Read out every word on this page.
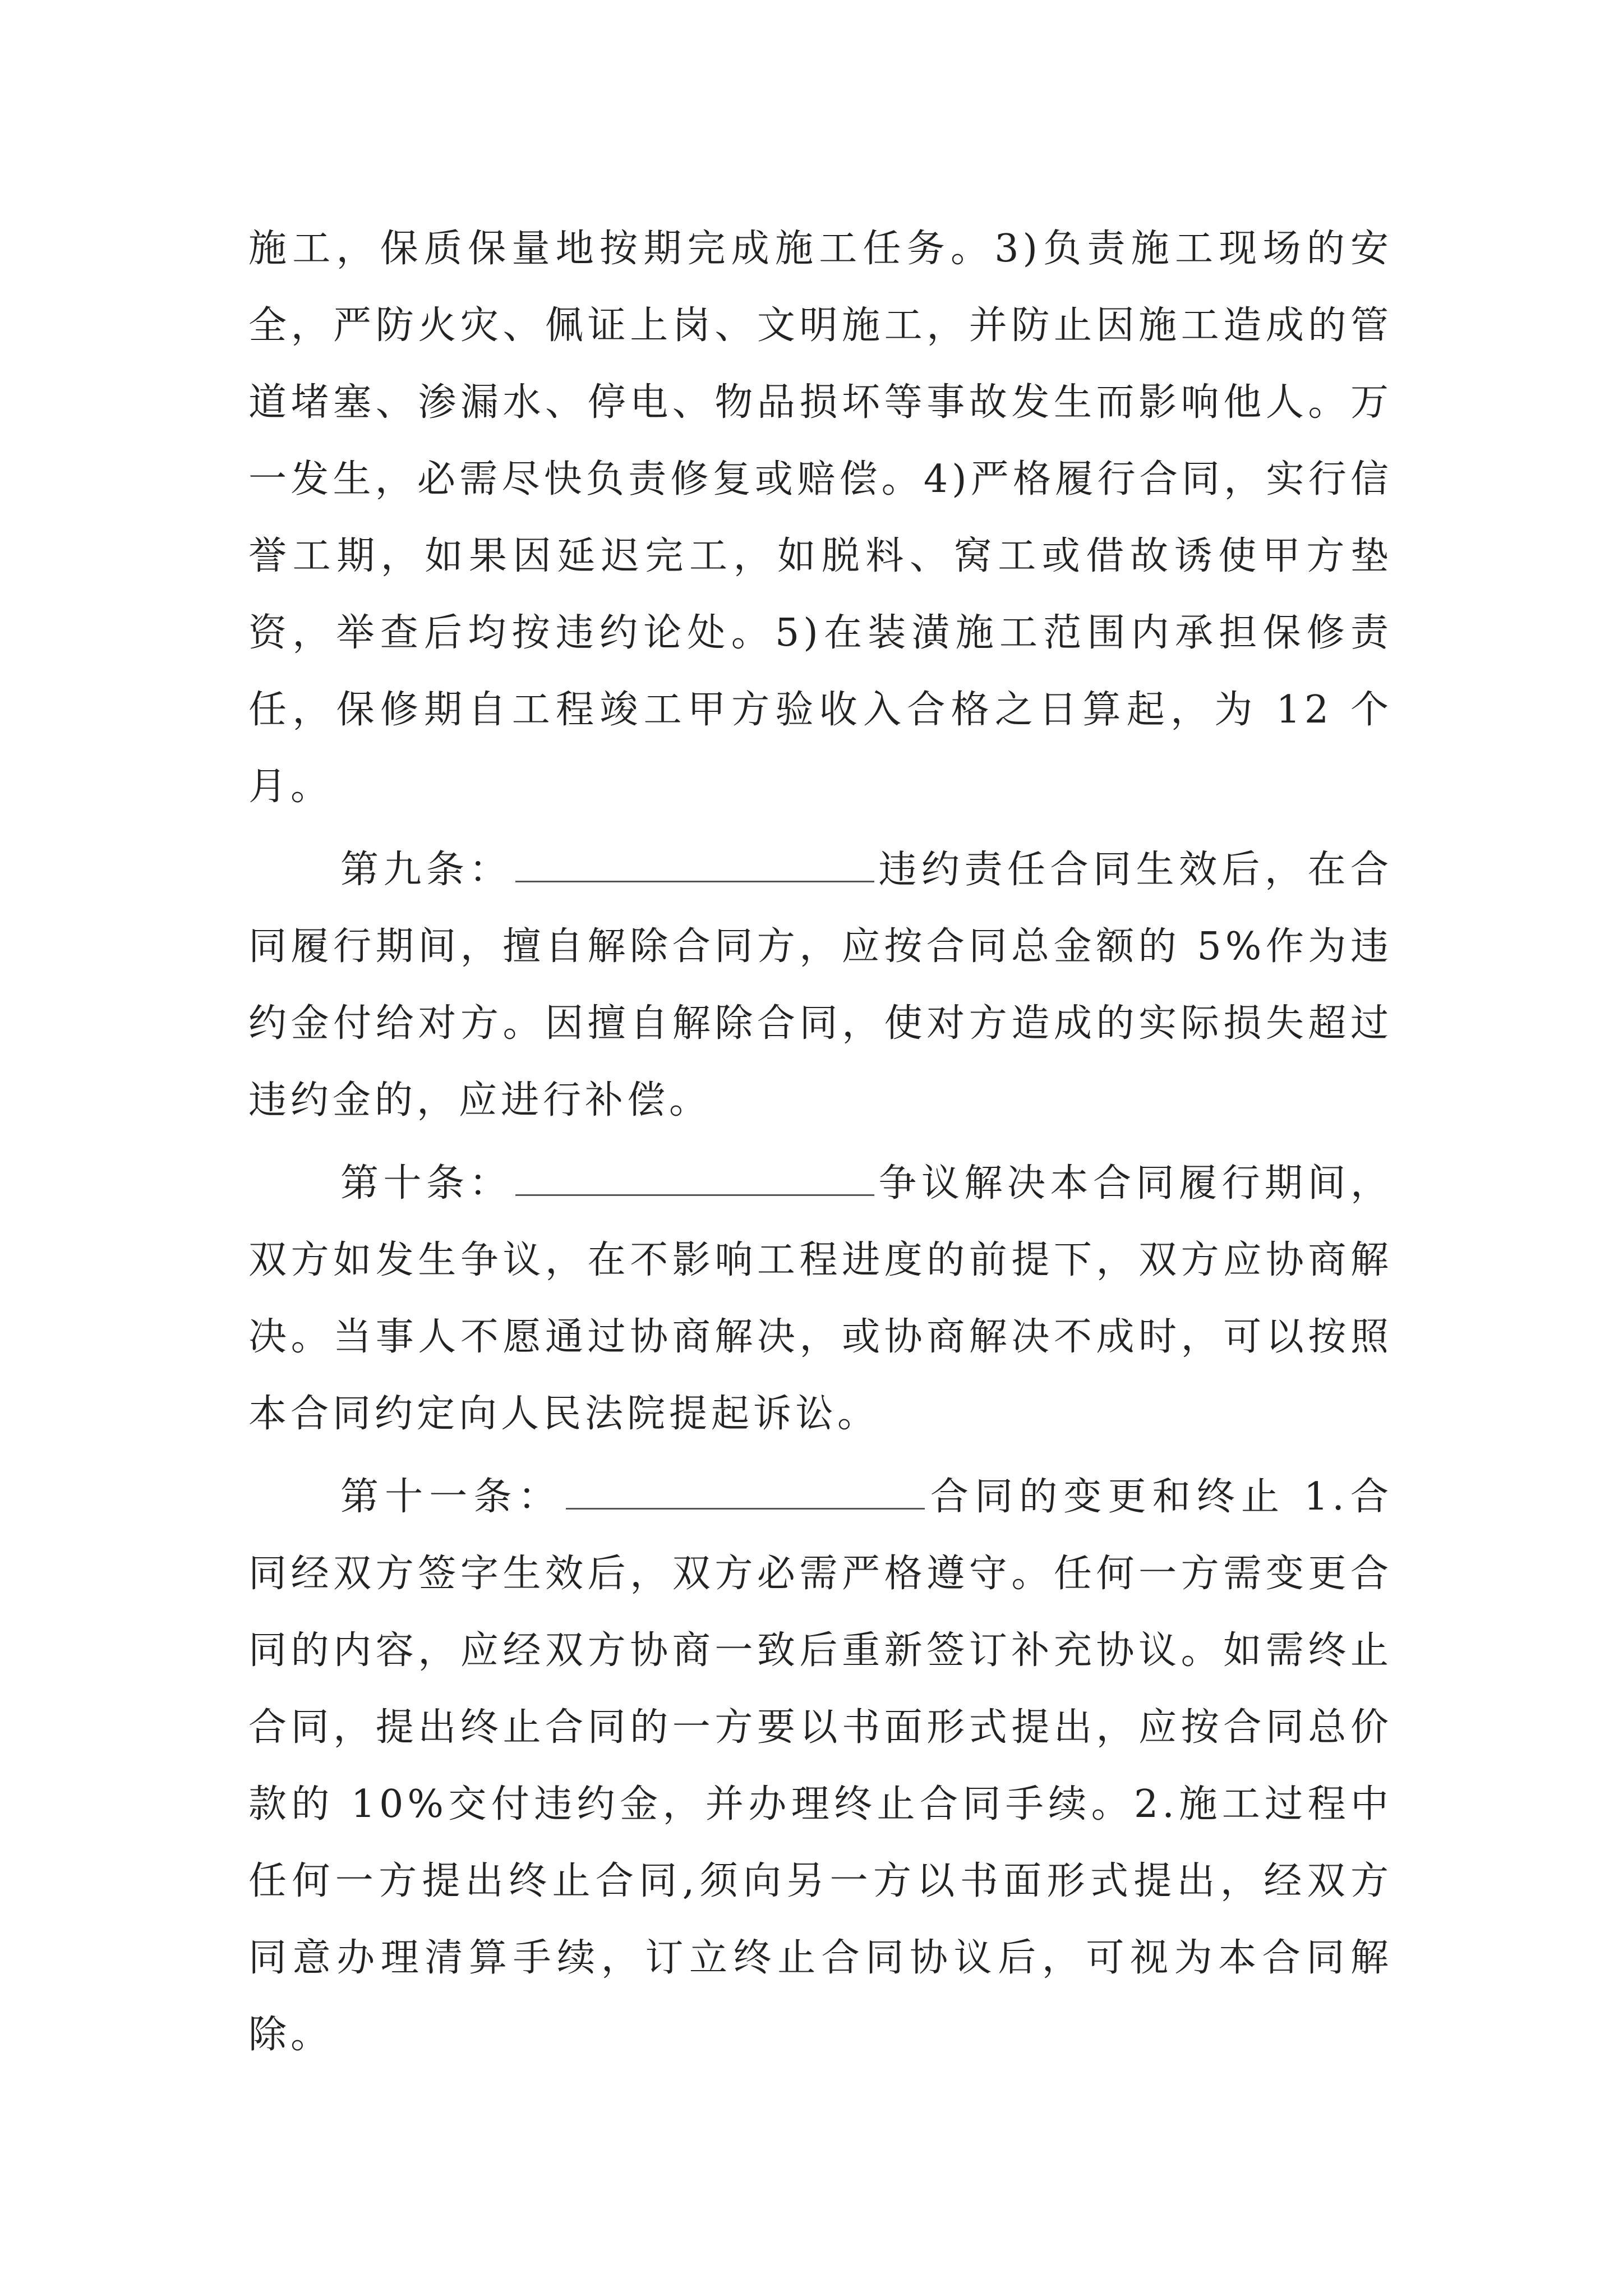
施工，保质保量地按期完成施工任务。3)负责施工现场的安全，严防火灾、佩证上岗、文明施工，并防止因施工造成的管道堵塞、渗漏水、停电、物品损坏等事故发生而影响他人。万一发生，必需尽快负责修复或赔偿。4)严格履行合同，实行信誉工期，如果因延迟完工，如脱料、窝工或借故诱使甲方垫资，举查后均按违约论处。5)在装潢施工范围内承担保修责任，保修期自工程竣工甲方验收入合格之日算起，为 12 个月。

第九条：	违约责任合同生效后，在合同履行期间，擅自解除合同方，应按合同总金额的 5%作为违约金付给对方。因擅自解除合同，使对方造成的实际损失超过违约金的，应进行补偿。

第十条：	争议解决本合同履行期间，双方如发生争议，在不影响工程进度的前提下，双方应协商解决。当事人不愿通过协商解决，或协商解决不成时，可以按照本合同约定向人民法院提起诉讼。

第十一条：	合同的变更和终止 1.合同经双方签字生效后，双方必需严格遵守。任何一方需变更合同的内容，应经双方协商一致后重新签订补充协议。如需终止合同，提出终止合同的一方要以书面形式提出，应按合同总价款的 10%交付违约金，并办理终止合同手续。2.施工过程中任何一方提出终止合同,须向另一方以书面形式提出，经双方同意办理清算手续，订立终止合同协议后，可视为本合同解除。
